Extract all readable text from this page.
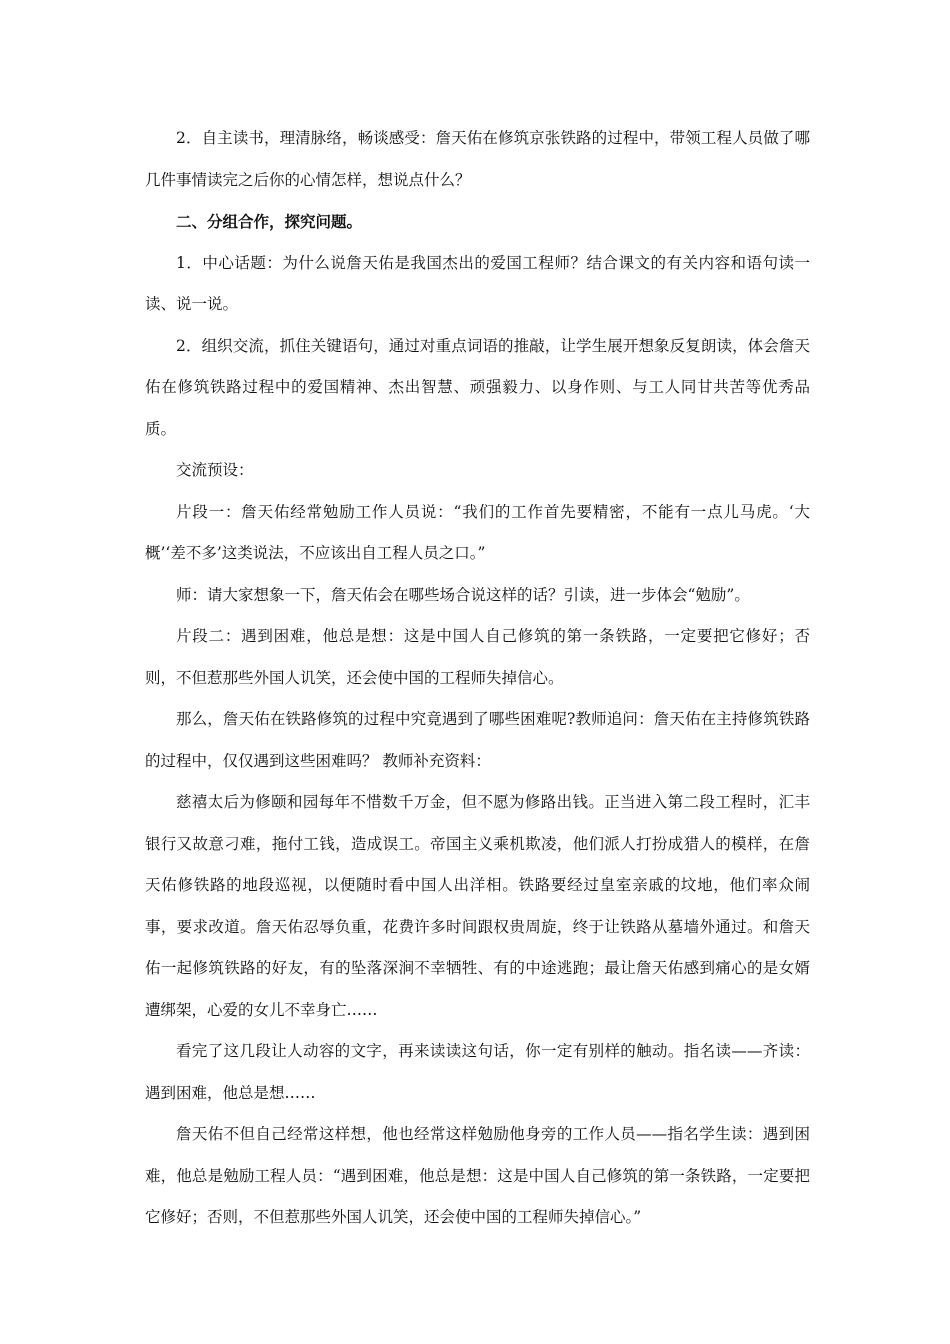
2．自主读书，理清脉络，畅谈感受：詹天佑在修筑京张铁路的过程中，带领工程人员做了哪几件事情读完之后你的心情怎样，想说点什么？

二、分组合作，探究问题。

1．中心话题：为什么说詹天佑是我国杰出的爱国工程师？结合课文的有关内容和语句读一读、说一说。

2．组织交流，抓住关键语句，通过对重点词语的推敲，让学生展开想象反复朗读，体会詹天佑在修筑铁路过程中的爱国精神、杰出智慧、顽强毅力、以身作则、与工人同甘共苦等优秀品质。

交流预设：

片段一：詹天佑经常勉励工作人员说：“我们的工作首先要精密，不能有一点儿马虎。‘大概’‘差不多’这类说法，不应该出自工程人员之口。”

师：请大家想象一下，詹天佑会在哪些场合说这样的话？引读，进一步体会“勉励”。

片段二：遇到困难，他总是想：这是中国人自己修筑的第一条铁路，一定要把它修好；否则，不但惹那些外国人讥笑，还会使中国的工程师失掉信心。

那么，詹天佑在铁路修筑的过程中究竟遇到了哪些困难呢?教师追问：詹天佑在主持修筑铁路的过程中，仅仅遇到这些困难吗？ 教师补充资料：

慈禧太后为修颐和园每年不惜数千万金，但不愿为修路出钱。正当进入第二段工程时，汇丰银行又故意刁难，拖付工钱，造成误工。帝国主义乘机欺凌，他们派人打扮成猎人的模样，在詹天佑修铁路的地段巡视，以便随时看中国人出洋相。铁路要经过皇室亲戚的坟地，他们率众闹事，要求改道。詹天佑忍辱负重，花费许多时间跟权贵周旋，终于让铁路从墓墙外通过。和詹天佑一起修筑铁路的好友，有的坠落深涧不幸牺牲、有的中途逃跑；最让詹天佑感到痛心的是女婿遭绑架，心爱的女儿不幸身亡……

看完了这几段让人动容的文字，再来读读这句话，你一定有别样的触动。指名读——齐读：遇到困难，他总是想……

詹天佑不但自己经常这样想，他也经常这样勉励他身旁的工作人员——指名学生读：遇到困难，他总是勉励工程人员：“遇到困难，他总是想：这是中国人自己修筑的第一条铁路，一定要把它修好；否则，不但惹那些外国人讥笑，还会使中国的工程师失掉信心。”
